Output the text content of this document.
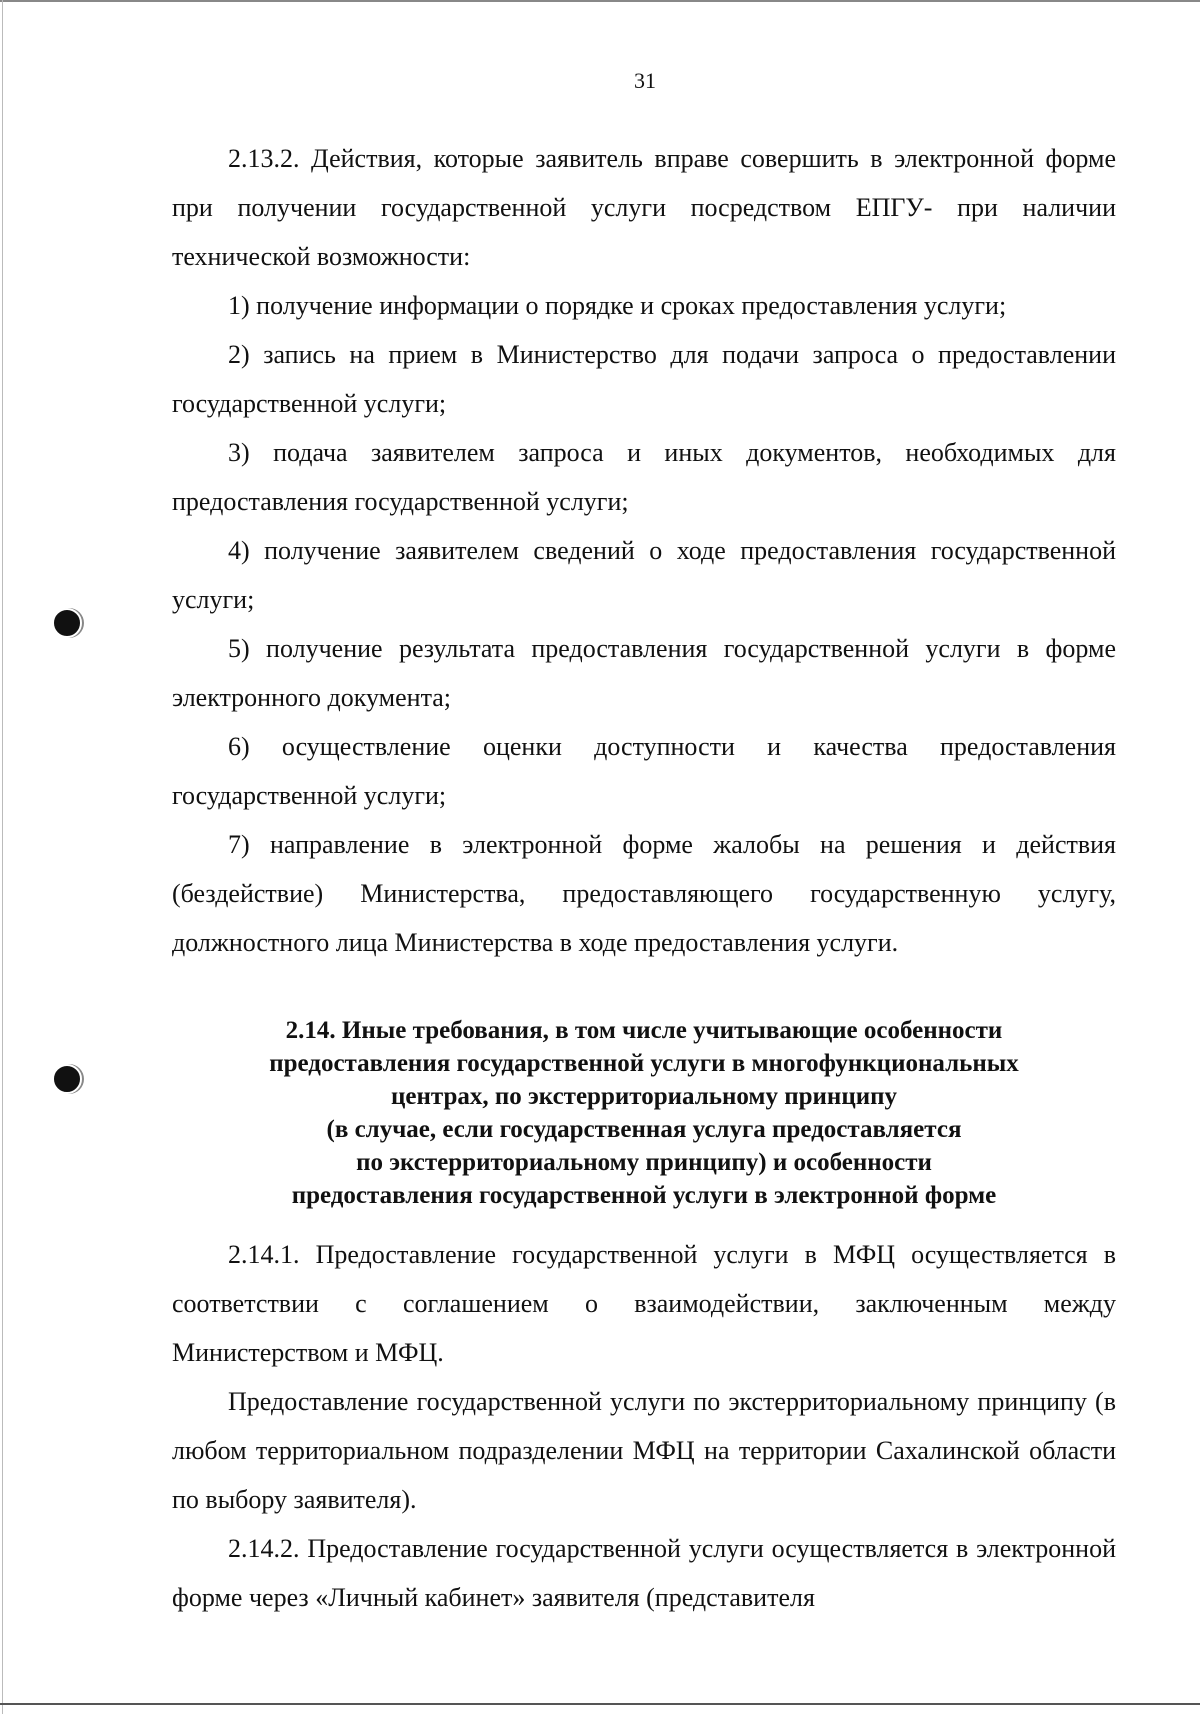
31

2.13.2. Действия, которые заявитель вправе совершить в электронной форме при получении государственной услуги посредством ЕПГУ- при наличии технической возможности:

1) получение информации о порядке и сроках предоставления услуги;

2) запись на прием в Министерство для подачи запроса о предоставлении государственной услуги;

3) подача заявителем запроса и иных документов, необходимых для предоставления государственной услуги;

4) получение заявителем сведений о ходе предоставления государственной услуги;

5) получение результата предоставления государственной услуги в форме электронного документа;

6) осуществление оценки доступности и качества предоставления государственной услуги;

7) направление в электронной форме жалобы на решения и действия (бездействие) Министерства, предоставляющего государственную услугу, должностного лица Министерства в ходе предоставления услуги.

2.14. Иные требования, в том числе учитывающие особенности
предоставления государственной услуги в многофункциональных
центрах, по экстерриториальному принципу
(в случае, если государственная услуга предоставляется
по экстерриториальному принципу) и особенности
предоставления государственной услуги в электронной форме

2.14.1. Предоставление государственной услуги в МФЦ осуществляется в соответствии с соглашением о взаимодействии, заключенным между Министерством и МФЦ.

Предоставление государственной услуги по экстерриториальному принципу (в любом территориальном подразделении МФЦ на территории Сахалинской области по выбору заявителя).

2.14.2. Предоставление государственной услуги осуществляется в электронной форме через «Личный кабинет» заявителя (представителя
